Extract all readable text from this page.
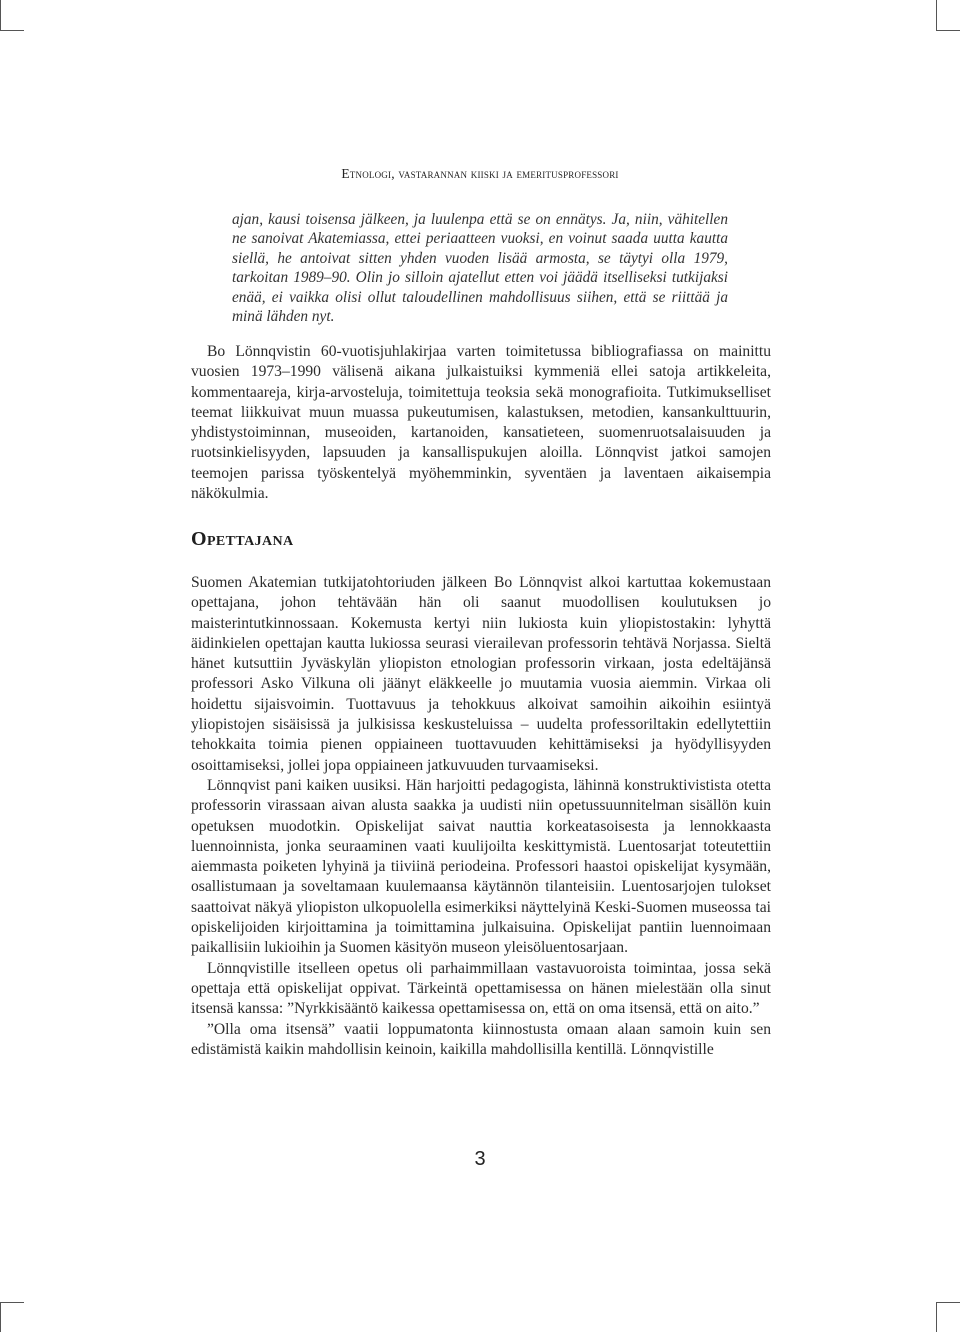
Etnologi, vastarannan kiiski ja emeritusprofessori

ajan, kausi toisensa jälkeen, ja luulenpa että se on ennätys. Ja, niin, vähitellen ne sanoivat Akatemiassa, ettei periaatteen vuoksi, en voinut saada uutta kautta siellä, he antoivat sitten yhden vuoden lisää armosta, se täytyi olla 1979, tarkoitan 1989–90. Olin jo silloin ajatellut etten voi jäädä itselliseksi tutkijaksi enää, ei vaikka olisi ollut taloudellinen mahdollisuus siihen, että se riittää ja minä lähden nyt.

Bo Lönnqvistin 60-vuotisjuhlakirjaa varten toimitetussa bibliografiassa on mainittu vuosien 1973–1990 välisenä aikana julkaistuiksi kymmeniä ellei satoja artikkeleita, kommentaareja, kirja-arvosteluja, toimitettuja teoksia sekä monografioita. Tutkimukselliset teemat liikkuivat muun muassa pukeutumisen, kalastuksen, metodien, kansankulttuurin, yhdistystoiminnan, museoiden, kartanoiden, kansatieteen, suomenruotsalaisuuden ja ruotsinkielisyyden, lapsuuden ja kansallispukujen aloilla. Lönnqvist jatkoi samojen teemojen parissa työskentelyä myöhemminkin, syventäen ja laventaen aikaisempia näkökulmia.

Opettajana

Suomen Akatemian tutkijatohtoriuden jälkeen Bo Lönnqvist alkoi kartuttaa kokemustaan opettajana, johon tehtävään hän oli saanut muodollisen koulutuksen jo maisterintutkinnossaan. Kokemusta kertyi niin lukiosta kuin yliopistostakin: lyhyttä äidinkielen opettajan kautta lukiossa seurasi vierailevan professorin tehtävä Norjassa. Sieltä hänet kutsuttiin Jyväskylän yliopiston etnologian professorin virkaan, josta edeltäjänsä professori Asko Vilkuna oli jäänyt eläkkeelle jo muutamia vuosia aiemmin. Virkaa oli hoidettu sijaisvoimin. Tuottavuus ja tehokkuus alkoivat samoihin aikoihin esiintyä yliopistojen sisäisissä ja julkisissa keskusteluissa – uudelta professoriltakin edellytettiin tehokkaita toimia pienen oppiaineen tuottavuuden kehittämiseksi ja hyödyllisyyden osoittamiseksi, jollei jopa oppiaineen jatkuvuuden turvaamiseksi.

Lönnqvist pani kaiken uusiksi. Hän harjoitti pedagogista, lähinnä konstruktivistista otetta professorin virassaan aivan alusta saakka ja uudisti niin opetussuunnitelman sisällön kuin opetuksen muodotkin. Opiskelijat saivat nauttia korkeatasoisesta ja lennokkaasta luennoinnista, jonka seuraaminen vaati kuulijoilta keskittymistä. Luentosarjat toteutettiin aiemmasta poiketen lyhyinä ja tiiviinä periodeina. Professori haastoi opiskelijat kysymään, osallistumaan ja soveltamaan kuulemaansa käytännön tilanteisiin. Luentosarjojen tulokset saattoivat näkyä yliopiston ulkopuolella esimerkiksi näyttelyinä Keski-Suomen museossa tai opiskelijoiden kirjoittamina ja toimittamina julkaisuina. Opiskelijat pantiin luennoimaan paikallisiin lukioihin ja Suomen käsityön museon yleisöluentosarjaan.

Lönnqvistille itselleen opetus oli parhaimmillaan vastavuoroista toimintaa, jossa sekä opettaja että opiskelijat oppivat. Tärkeintä opettamisessa on hänen mielestään olla sinut itsensä kanssa: ”Nyrkkisääntö kaikessa opettamisessa on, että on oma itsensä, että on aito.”

”Olla oma itsensä” vaatii loppumatonta kiinnostusta omaan alaan samoin kuin sen edistämistä kaikin mahdollisin keinoin, kaikilla mahdollisilla kentillä. Lönnqvistille

3
